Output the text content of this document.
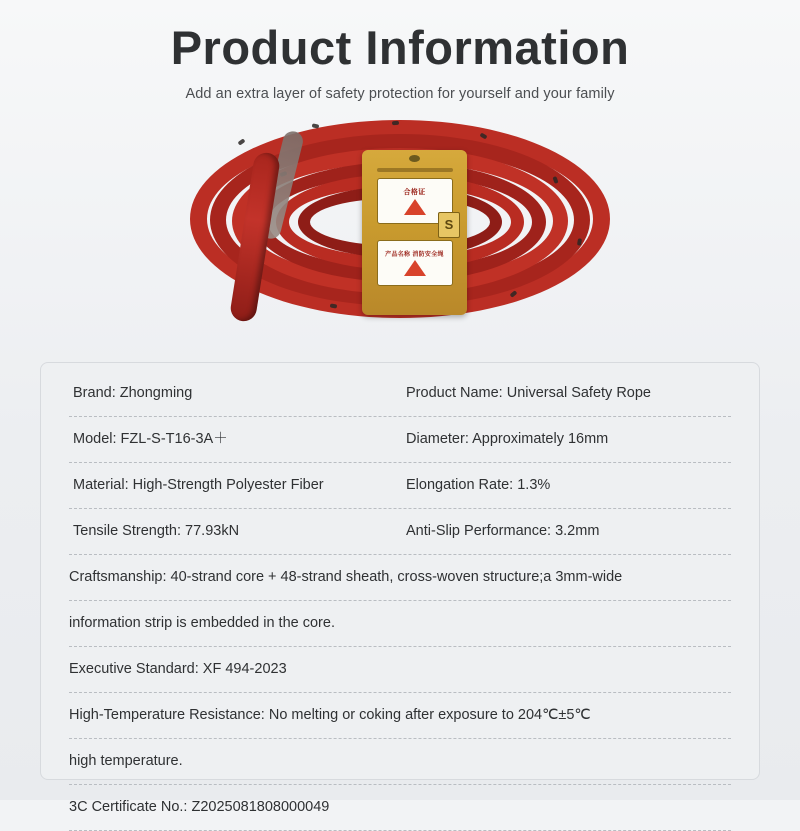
Product Information
Add an extra layer of safety protection for yourself and your family
合格证
S
产品名称 消防安全绳
Brand: Zhongming	Product Name: Universal Safety Rope
Model: FZL-S-T16-3A＋	Diameter: Approximately 16mm
Material: High-Strength Polyester Fiber	Elongation Rate: 1.3%
Tensile Strength: 77.93kN	Anti-Slip Performance: 3.2mm
Craftsmanship: 40-strand core + 48-strand sheath, cross-woven structure;a 3mm-wide
information strip is embedded in the core.
Executive Standard: XF 494-2023
High-Temperature Resistance: No melting or coking after exposure to 204℃±5℃
high temperature.
3C Certificate No.: Z2025081808000049
